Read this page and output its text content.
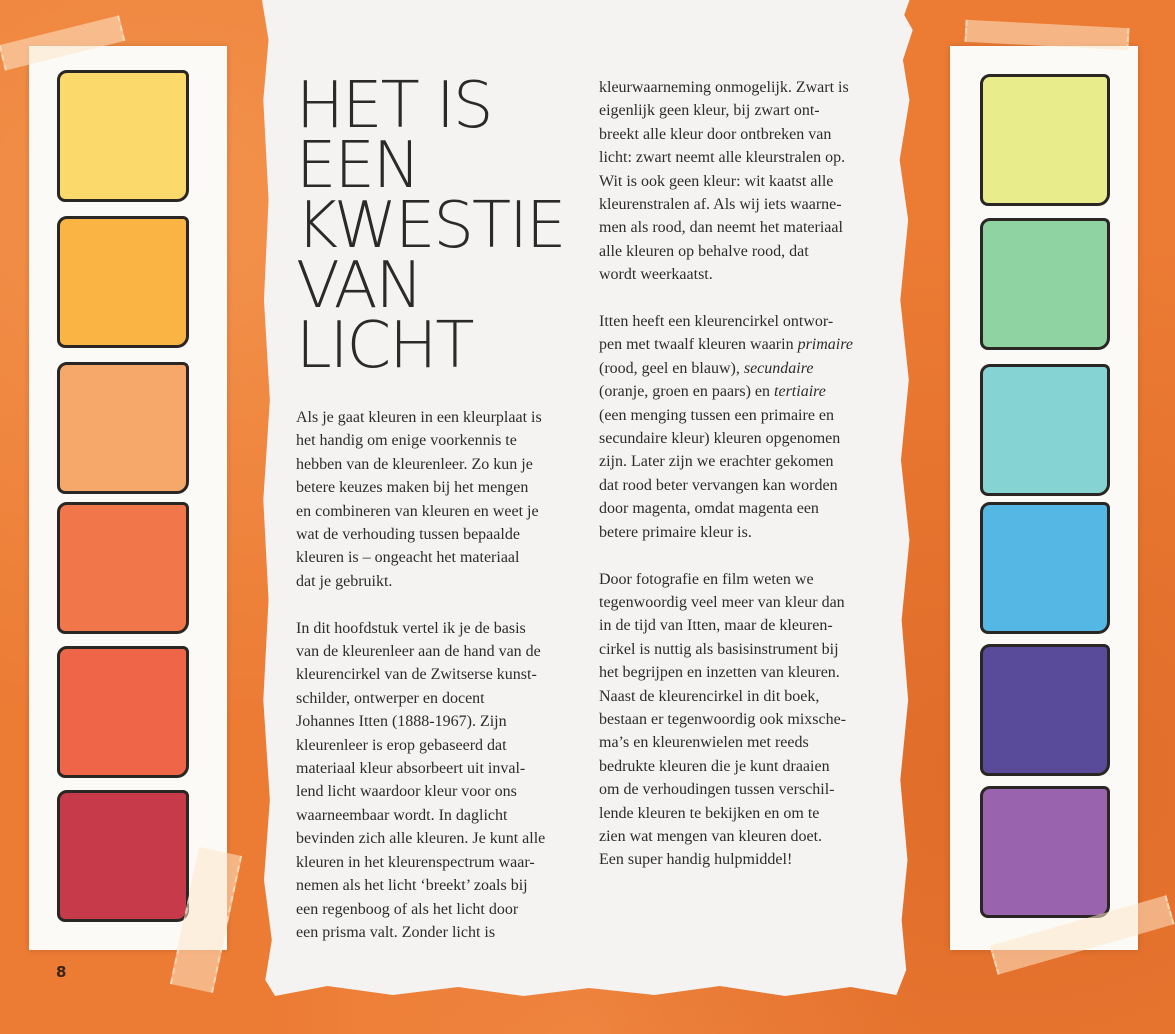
HET IS
EEN
KWESTIE
VAN
LICHT

Als je gaat kleuren in een kleurplaat is
het handig om enige voorkennis te
hebben van de kleurenleer. Zo kun je
betere keuzes maken bij het mengen
en combineren van kleuren en weet je
wat de verhouding tussen bepaalde
kleuren is – ongeacht het materiaal
dat je gebruikt.

In dit hoofdstuk vertel ik je de basis
van de kleurenleer aan de hand van de
kleurencirkel van de Zwitserse kunst-
schilder, ontwerper en docent
Johannes Itten (1888-1967). Zijn
kleurenleer is erop gebaseerd dat
materiaal kleur absorbeert uit inval-
lend licht waardoor kleur voor ons
waarneembaar wordt. In daglicht
bevinden zich alle kleuren. Je kunt alle
kleuren in het kleurenspectrum waar-
nemen als het licht ‘breekt’ zoals bij
een regenboog of als het licht door
een prisma valt. Zonder licht is

kleurwaarneming onmogelijk. Zwart is
eigenlijk geen kleur, bij zwart ont-
breekt alle kleur door ontbreken van
licht: zwart neemt alle kleurstralen op.
Wit is ook geen kleur: wit kaatst alle
kleurenstralen af. Als wij iets waarne-
men als rood, dan neemt het materiaal
alle kleuren op behalve rood, dat
wordt weerkaatst.

Itten heeft een kleurencirkel ontwor-
pen met twaalf kleuren waarin primaire
(rood, geel en blauw), secundaire
(oranje, groen en paars) en tertiaire
(een menging tussen een primaire en
secundaire kleur) kleuren opgenomen
zijn. Later zijn we erachter gekomen
dat rood beter vervangen kan worden
door magenta, omdat magenta een
betere primaire kleur is.

Door fotografie en film weten we
tegenwoordig veel meer van kleur dan
in de tijd van Itten, maar de kleuren-
cirkel is nuttig als basisinstrument bij
het begrijpen en inzetten van kleuren.
Naast de kleurencirkel in dit boek,
bestaan er tegenwoordig ook mixsche-
ma’s en kleurenwielen met reeds
bedrukte kleuren die je kunt draaien
om de verhoudingen tussen verschil-
lende kleuren te bekijken en om te
zien wat mengen van kleuren doet.
Een super handig hulpmiddel!

8
